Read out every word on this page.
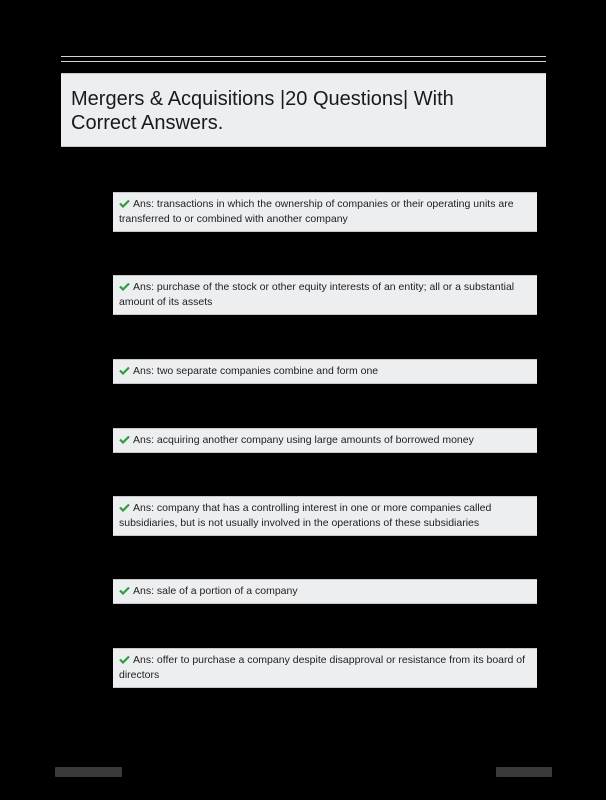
Mergers & Acquisitions |20 Questions| With
Correct Answers.
Ans: transactions in which the ownership of companies or their operating units are transferred to or combined with another company
Ans: purchase of the stock or other equity interests of an entity; all or a substantial amount of its assets
Ans: two separate companies combine and form one
Ans: acquiring another company using large amounts of borrowed money
Ans: company that has a controlling interest in one or more companies called subsidiaries, but is not usually involved in the operations of these subsidiaries
Ans: sale of a portion of a company
Ans: offer to purchase a company despite disapproval or resistance from its board of directors
